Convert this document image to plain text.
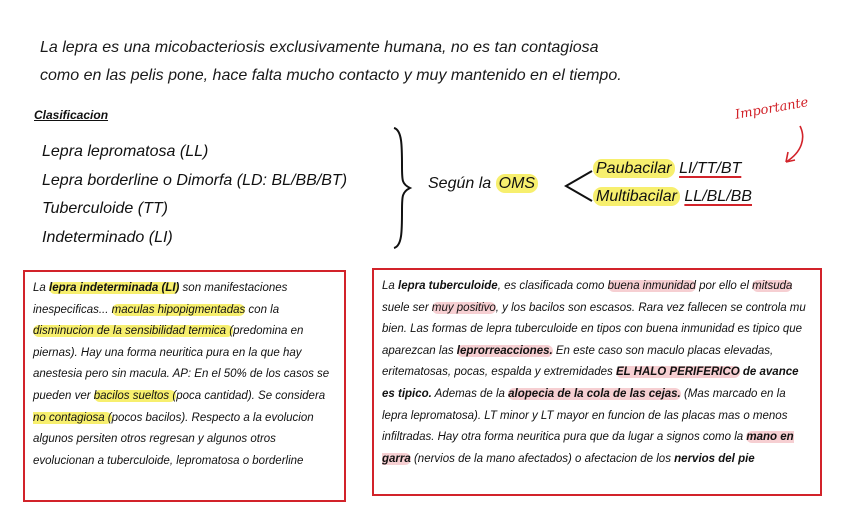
La lepra es una micobacteriosis exclusivamente humana, no es tan contagiosa
como en las pelis pone, hace falta mucho contacto y muy mantenido en el tiempo.
Clasificacion
Lepra lepromatosa (LL)
Lepra borderline o Dimorfa (LD: BL/BB/BT)
Tuberculoide (TT)
Indeterminado (LI)
Según la OMS
Paubacilar LI/TT/BT
Multibacilar LL/BL/BB
Importante
La lepra indeterminada (LI) son manifestaciones inespecificas... maculas hipopigmentadas con la disminucion de la sensibilidad termica (predomina en piernas). Hay una forma neuritica pura en la que hay anestesia pero sin macula. AP: En el 50% de los casos se pueden ver bacilos sueltos (poca cantidad). Se considera no contagiosa (pocos bacilos). Respecto a la evolucion algunos persiten otros regresan y algunos otros evolucionan a tuberculoide, lepromatosa o borderline
La lepra tuberculoide, es clasificada como buena inmunidad por ello el mitsuda suele ser muy positivo, y los bacilos son escasos. Rara vez fallecen se controla mu bien. Las formas de lepra tuberculoide en tipos con buena inmunidad es tipico que aparezcan las leprorreacciones. En este caso son maculo placas elevadas, eritematosas, pocas, espalda y extremidades EL HALO PERIFERICO de avance es tipico. Ademas de la alopecia de la cola de las cejas. (Mas marcado en la lepra lepromatosa). LT minor y LT mayor en funcion de las placas mas o menos infiltradas. Hay otra forma neuritica pura que da lugar a signos como la mano en garra (nervios de la mano afectados) o afectacion de los nervios del pie
